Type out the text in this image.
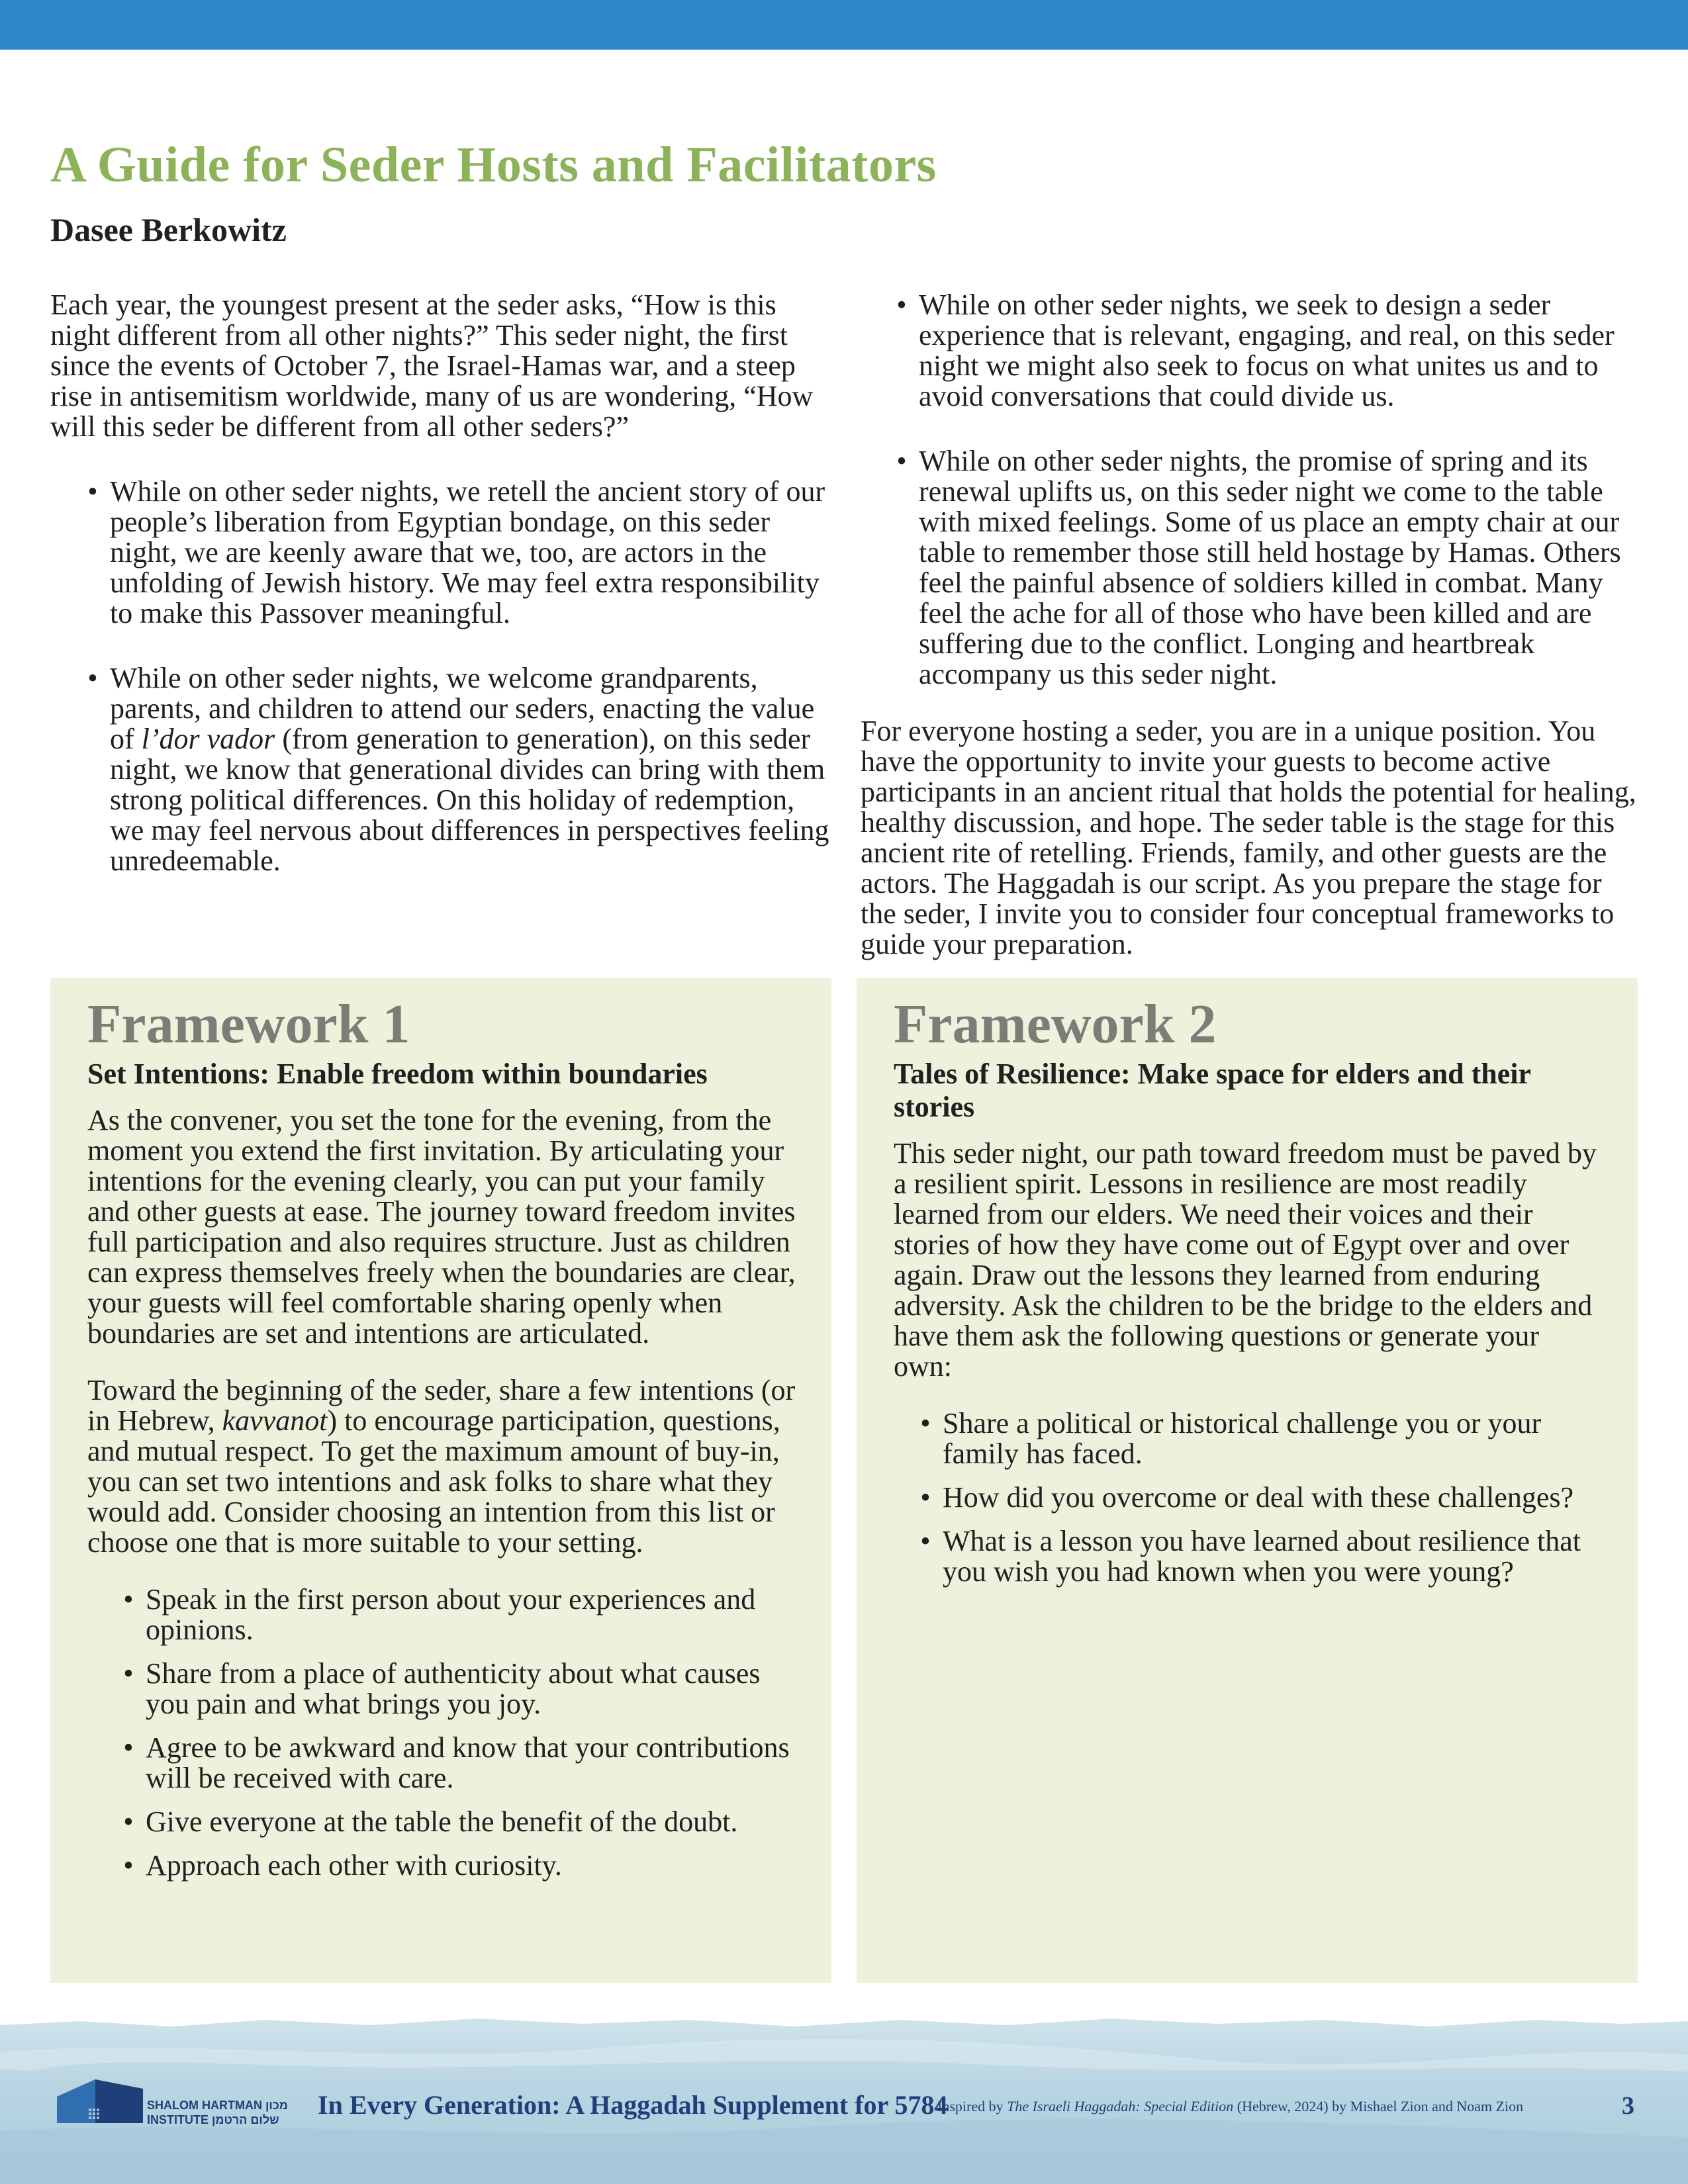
A Guide for Seder Hosts and Facilitators
Dasee Berkowitz

Each year, the youngest present at the seder asks, “How is this night different from all other nights?” This seder night, the first since the events of October 7, the Israel-Hamas war, and a steep rise in antisemitism worldwide, many of us are wondering, “How will this seder be different from all other seders?”

• While on other seder nights, we retell the ancient story of our people’s liberation from Egyptian bondage, on this seder night, we are keenly aware that we, too, are actors in the unfolding of Jewish history. We may feel extra responsibility to make this Passover meaningful.
• While on other seder nights, we welcome grandparents, parents, and children to attend our seders, enacting the value of l’dor vador (from generation to generation), on this seder night, we know that generational divides can bring with them strong political differences. On this holiday of redemption, we may feel nervous about differences in perspectives feeling unredeemable.
• While on other seder nights, we seek to design a seder experience that is relevant, engaging, and real, on this seder night we might also seek to focus on what unites us and to avoid conversations that could divide us.
• While on other seder nights, the promise of spring and its renewal uplifts us, on this seder night we come to the table with mixed feelings. Some of us place an empty chair at our table to remember those still held hostage by Hamas. Others feel the painful absence of soldiers killed in combat. Many feel the ache for all of those who have been killed and are suffering due to the conflict. Longing and heartbreak accompany us this seder night.

For everyone hosting a seder, you are in a unique position. You have the opportunity to invite your guests to become active participants in an ancient ritual that holds the potential for healing, healthy discussion, and hope. The seder table is the stage for this ancient rite of retelling. Friends, family, and other guests are the actors. The Haggadah is our script. As you prepare the stage for the seder, I invite you to consider four conceptual frameworks to guide your preparation.

Framework 1

Set Intentions: Enable freedom within boundaries

As the convener, you set the tone for the evening, from the moment you extend the first invitation. By articulating your intentions for the evening clearly, you can put your family and other guests at ease. The journey toward freedom invites full participation and also requires structure. Just as children can express themselves freely when the boundaries are clear, your guests will feel comfortable sharing openly when boundaries are set and intentions are articulated.

Toward the beginning of the seder, share a few intentions (or in Hebrew, kavvanot) to encourage participation, questions, and mutual respect. To get the maximum amount of buy-in, you can set two intentions and ask folks to share what they would add. Consider choosing an intention from this list or choose one that is more suitable to your setting.

• Speak in the first person about your experiences and opinions.
• Share from a place of authenticity about what causes you pain and what brings you joy.
• Agree to be awkward and know that your contributions will be received with care.
• Give everyone at the table the benefit of the doubt.
• Approach each other with curiosity.
Framework 2

Tales of Resilience: Make space for elders and their stories

This seder night, our path toward freedom must be paved by a resilient spirit. Lessons in resilience are most readily learned from our elders. We need their voices and their stories of how they have come out of Egypt over and over again. Draw out the lessons they learned from enduring adversity. Ask the children to be the bridge to the elders and have them ask the following questions or generate your own:

• Share a political or historical challenge you or your family has faced.
• How did you overcome or deal with these challenges?
• What is a lesson you have learned about resilience that you wish you had known when you were young?
SHALOM HARTMAN מכון
INSTITUTE שלום הרטמן	In Every Generation: A Haggadah Supplement for 5784
Inspired by The Israeli Haggadah: Special Edition (Hebrew, 2024) by Mishael Zion and Noam Zion	3
